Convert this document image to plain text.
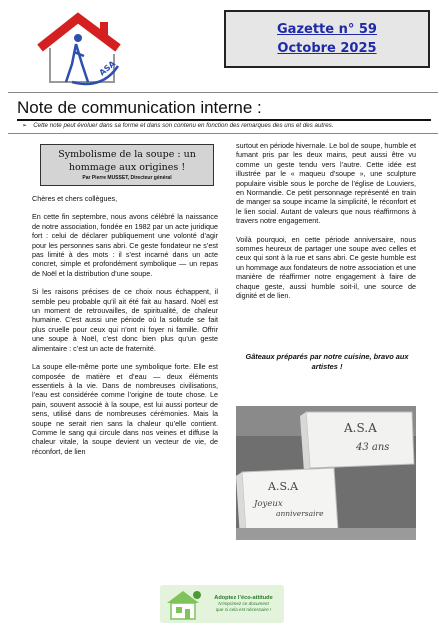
ASA
Gazette n° 59
Octobre 2025
Note de communication interne :
➢ Cette note peut évoluer dans sa forme et dans son contenu en fonction des remarques des uns et des autres.
Symbolisme de la soupe : un
hommage aux origines !
Par Pierre MUSSET, Directeur général

Chères et chers collègues,

En cette fin septembre, nous avons célébré la naissance de notre association, fondée en 1982 par un acte juridique fort : celui de déclarer publiquement une volonté d’agir pour les personnes sans abri. Ce geste fondateur ne s’est pas limité à des mots : il s’est incarné dans un acte concret, simple et profondément symbolique — un repas de Noël et la distribution d’une soupe.

Si les raisons précises de ce choix nous échappent, il semble peu probable qu’il ait été fait au hasard. Noël est un moment de retrouvailles, de spiritualité, de chaleur humaine. C’est aussi une période où la solitude se fait plus cruelle pour ceux qui n’ont ni foyer ni famille. Offrir une soupe à Noël, c’est donc bien plus qu’un geste alimentaire : c’est un acte de fraternité.

La soupe elle-même porte une symbolique forte. Elle est composée de matière et d’eau — deux éléments essentiels à la vie. Dans de nombreuses civilisations, l’eau est considérée comme l’origine de toute chose. Le pain, souvent associé à la soupe, est lui aussi porteur de sens, utilisé dans de nombreuses cérémonies. Mais la soupe ne serait rien sans la chaleur qu’elle contient. Comme le sang qui circule dans nos veines et diffuse la chaleur vitale, la soupe devient un vecteur de vie, de réconfort, de lien

surtout en période hivernale. Le bol de soupe, humble et fumant pris par les deux mains, peut aussi être vu comme un geste tendu vers l’autre. Cette idée est illustrée par le « maqueu d’soupe », une sculpture populaire visible sous le porche de l’église de Louviers, en Normandie. Ce petit personnage représenté en train de manger sa soupe incarne la simplicité, le réconfort et le lien social. Autant de valeurs que nous réaffirmons à travers notre engagement.

Voilà pourquoi, en cette période anniversaire, nous sommes heureux de partager une soupe avec celles et ceux qui sont à la rue et sans abri. Ce geste humble est un hommage aux fondateurs de notre association et une manière de réaffirmer notre engagement à faire de chaque geste, aussi humble soit-il, une source de dignité et de lien.

Gâteaux préparés par notre cuisine, bravo aux artistes !
A.S.A
43 ans
A.S.A
Joyeux
anniversaire
Adoptez l’éco-attitude
N’imprimez ce document
que si cela est nécessaire !
